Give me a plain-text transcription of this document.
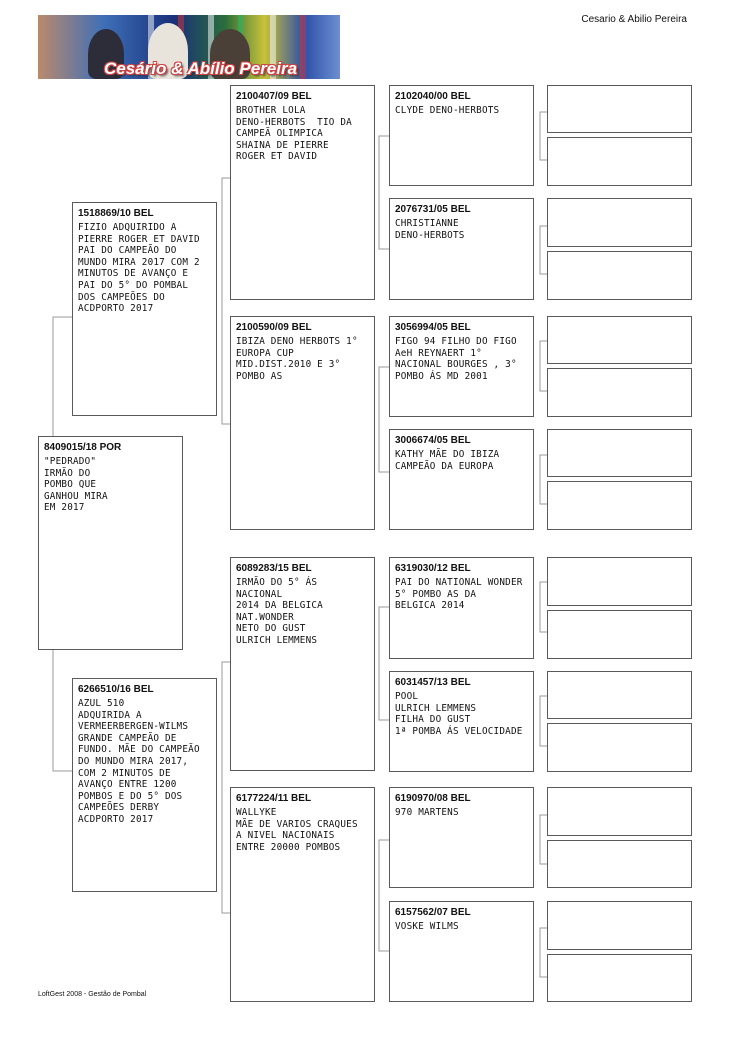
Cesário & Abílio Pereira
Cesario & Abilio Pereira
8409015/18 POR
"PEDRADO"
IRMÃO DO
POMBO QUE
GANHOU MIRA
EM 2017
1518869/10 BEL
FIZIO ADQUIRIDO A
PIERRE ROGER ET DAVID
PAI DO CAMPEÃO DO
MUNDO MIRA 2017 COM 2
MINUTOS DE AVANÇO E
PAI DO 5° DO POMBAL
DOS CAMPEÕES DO
ACDPORTO 2017
6266510/16 BEL
AZUL 510
ADQUIRIDA A
VERMEERBERGEN-WILMS
GRANDE CAMPEÃO DE
FUNDO. MÃE DO CAMPEÃO
DO MUNDO MIRA 2017,
COM 2 MINUTOS DE
AVANÇO ENTRE 1200
POMBOS E DO 5° DOS
CAMPEÕES DERBY
ACDPORTO 2017
2100407/09 BEL
BROTHER LOLA
DENO-HERBOTS  TIO DA
CAMPEÃ OLIMPICA
SHAINA DE PIERRE
ROGER ET DAVID
2100590/09 BEL
IBIZA DENO HERBOTS 1°
EUROPA CUP
MID.DIST.2010 E 3°
POMBO AS
6089283/15 BEL
IRMÃO DO 5° ÁS
NACIONAL
2014 DA BELGICA
NAT.WONDER
NETO DO GUST
ULRICH LEMMENS
6177224/11 BEL
WALLYKE
MÃE DE VARIOS CRAQUES
A NIVEL NACIONAIS
ENTRE 20000 POMBOS
2102040/00 BEL
CLYDE DENO-HERBOTS
2076731/05 BEL
CHRISTIANNE
DENO-HERBOTS
3056994/05 BEL
FIGO 94 FILHO DO FIGO
AeH REYNAERT 1°
NACIONAL BOURGES , 3°
POMBO ÁS MD 2001
3006674/05 BEL
KATHY MÃE DO IBIZA
CAMPEÃO DA EUROPA
6319030/12 BEL
PAI DO NATIONAL WONDER
5° POMBO AS DA
BELGICA 2014
6031457/13 BEL
POOL
ULRICH LEMMENS
FILHA DO GUST
1ª POMBA ÁS VELOCIDADE
6190970/08 BEL
970 MARTENS
6157562/07 BEL
VOSKE WILMS
LoftGest 2008 - Gestão de Pombal
